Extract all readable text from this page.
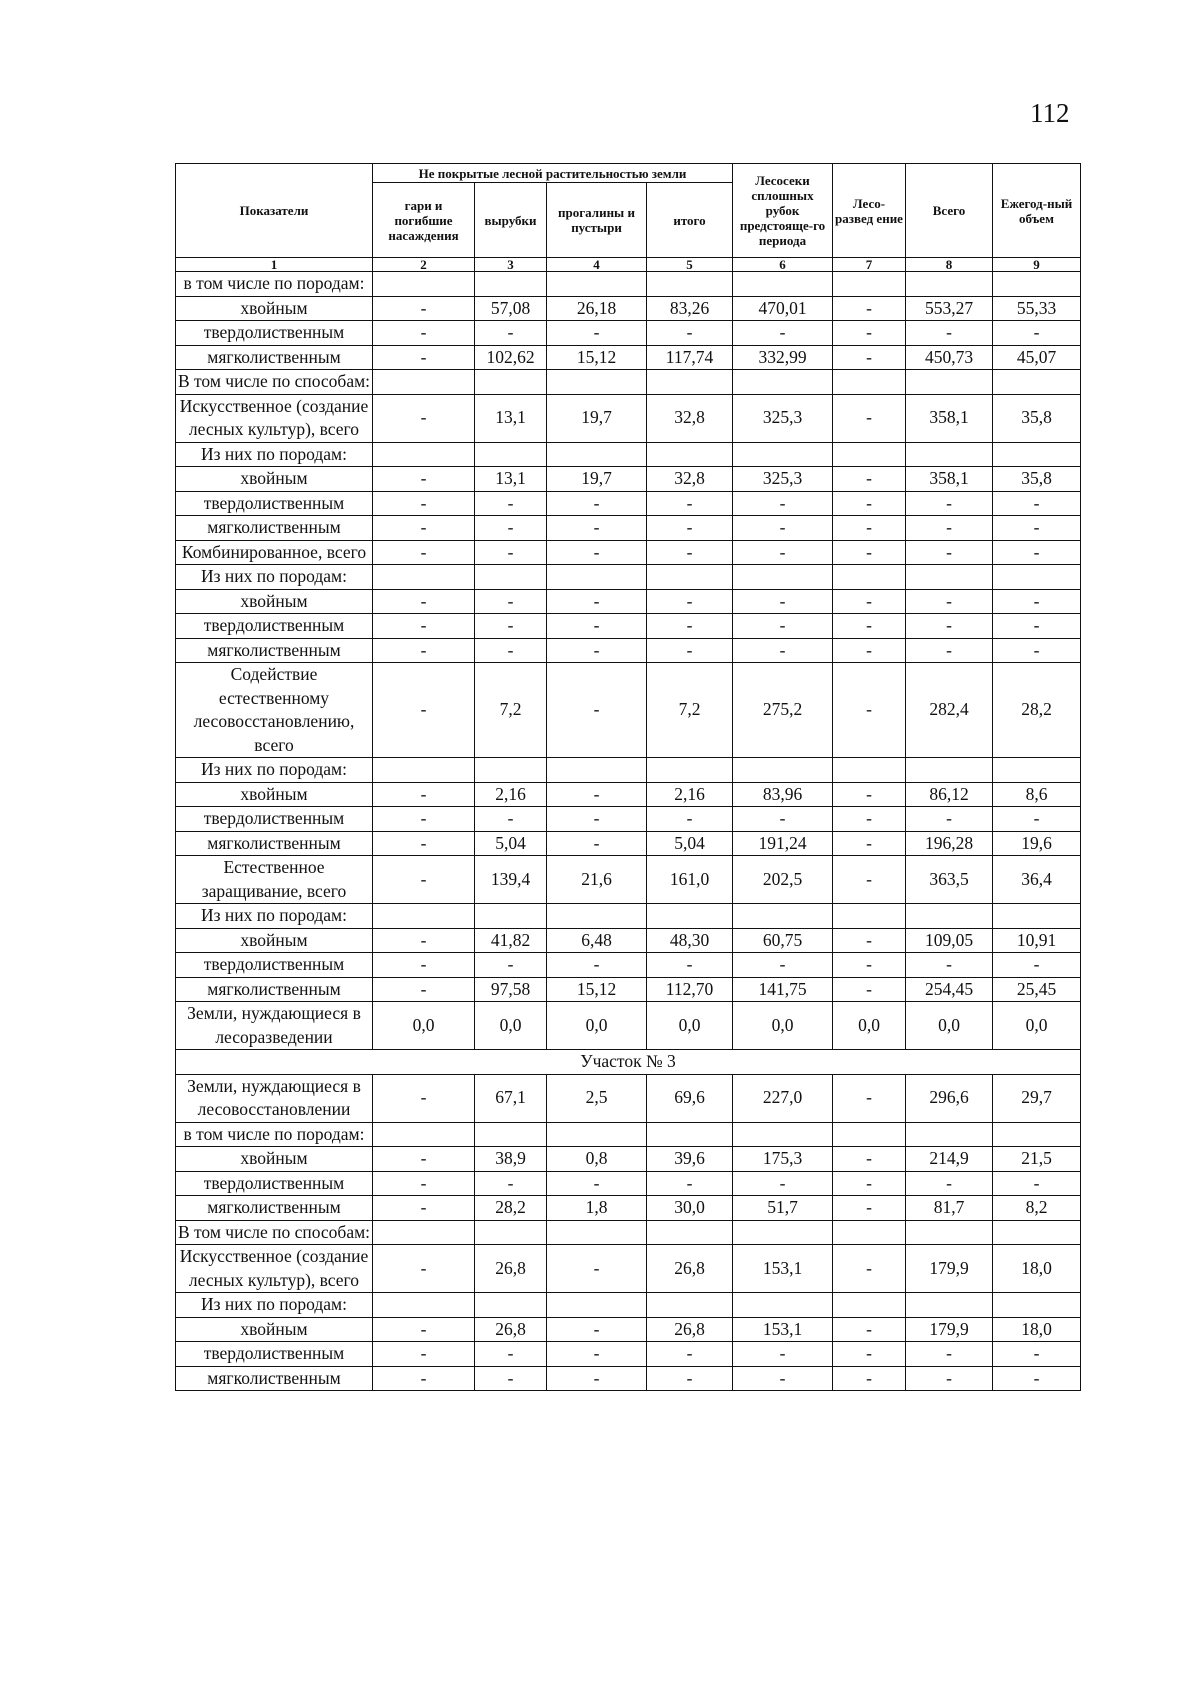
112
Показатели	Не покрытые лесной растительностью земли				Лесосеки сплошных рубок предстояще-го периода	Лесо-развед ение	Всего	Ежегод-ный объем
	гари и погибшие насаждения	вырубки	прогалины и пустыри	итого				
1	2	3	4	5	6	7	8	9
в том числе по породам:								
хвойным	-	57,08	26,18	83,26	470,01	-	553,27	55,33
твердолиственным	-	-	-	-	-	-	-	-
мягколиственным	-	102,62	15,12	117,74	332,99	-	450,73	45,07
В том числе по способам:								
Искусственное (создание лесных культур), всего	-	13,1	19,7	32,8	325,3	-	358,1	35,8
Из них по породам:								
хвойным	-	13,1	19,7	32,8	325,3	-	358,1	35,8
твердолиственным	-	-	-	-	-	-	-	-
мягколиственным	-	-	-	-	-	-	-	-
Комбинированное, всего	-	-	-	-	-	-	-	-
Из них по породам:								
хвойным	-	-	-	-	-	-	-	-
твердолиственным	-	-	-	-	-	-	-	-
мягколиственным	-	-	-	-	-	-	-	-
Содействие естественному лесовосстановлению, всего	-	7,2	-	7,2	275,2	-	282,4	28,2
Из них по породам:								
хвойным	-	2,16	-	2,16	83,96	-	86,12	8,6
твердолиственным	-	-	-	-	-	-	-	-
мягколиственным	-	5,04	-	5,04	191,24	-	196,28	19,6
Естественное заращивание, всего	-	139,4	21,6	161,0	202,5	-	363,5	36,4
Из них по породам:								
хвойным	-	41,82	6,48	48,30	60,75	-	109,05	10,91
твердолиственным	-	-	-	-	-	-	-	-
мягколиственным	-	97,58	15,12	112,70	141,75	-	254,45	25,45
Земли, нуждающиеся в лесоразведении	0,0	0,0	0,0	0,0	0,0	0,0	0,0	0,0
Участок № 3								
Земли, нуждающиеся в лесовосстановлении	-	67,1	2,5	69,6	227,0	-	296,6	29,7
в том числе по породам:								
хвойным	-	38,9	0,8	39,6	175,3	-	214,9	21,5
твердолиственным	-	-	-	-	-	-	-	-
мягколиственным	-	28,2	1,8	30,0	51,7	-	81,7	8,2
В том числе по способам:								
Искусственное (создание лесных культур), всего	-	26,8	-	26,8	153,1	-	179,9	18,0
Из них по породам:								
хвойным	-	26,8	-	26,8	153,1	-	179,9	18,0
твердолиственным	-	-	-	-	-	-	-	-
мягколиственным	-	-	-	-	-	-	-	-
